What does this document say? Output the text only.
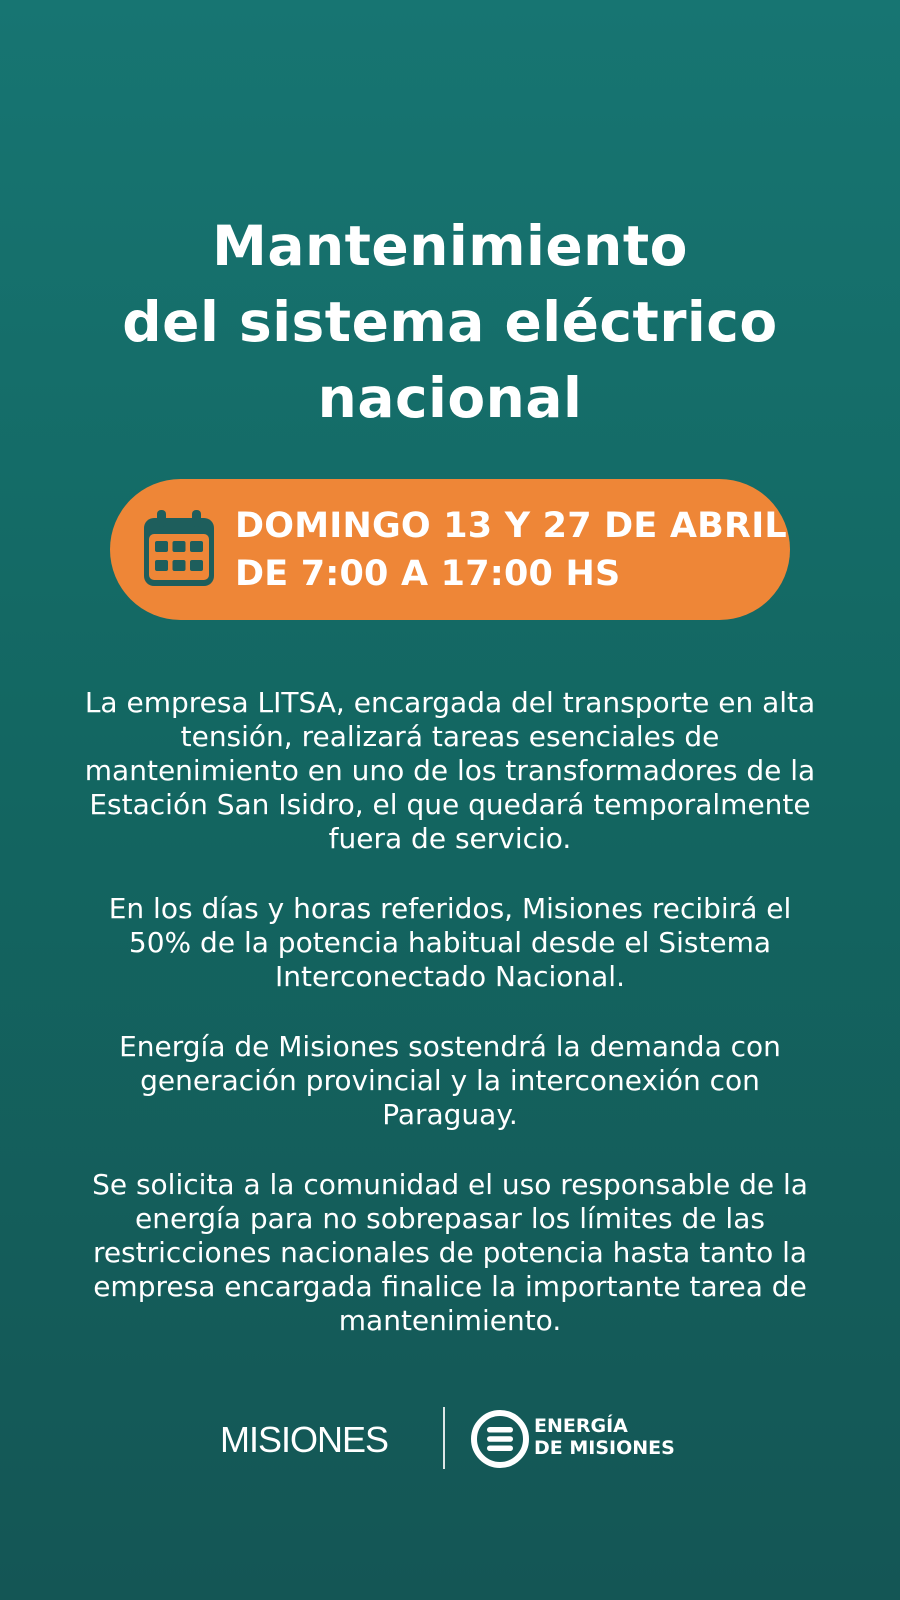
Mantenimiento
del sistema eléctrico
nacional
DOMINGO 13 Y 27 DE ABRIL
DE 7:00 A 17:00 HS

La empresa LITSA, encargada del transporte en alta tensión, realizará tareas esenciales de mantenimiento en uno de los transformadores de la Estación San Isidro, el que quedará temporalmente fuera de servicio.

En los días y horas referidos, Misiones recibirá el 50% de la potencia habitual desde el Sistema Interconectado Nacional.

Energía de Misiones sostendrá la demanda con generación provincial y la interconexión con Paraguay.

Se solicita a la comunidad el uso responsable de la energía para no sobrepasar los límites de las restricciones nacionales de potencia hasta tanto la empresa encargada finalice la importante tarea de mantenimiento.

MISIONES	ENERGÍA
DE MISIONES
